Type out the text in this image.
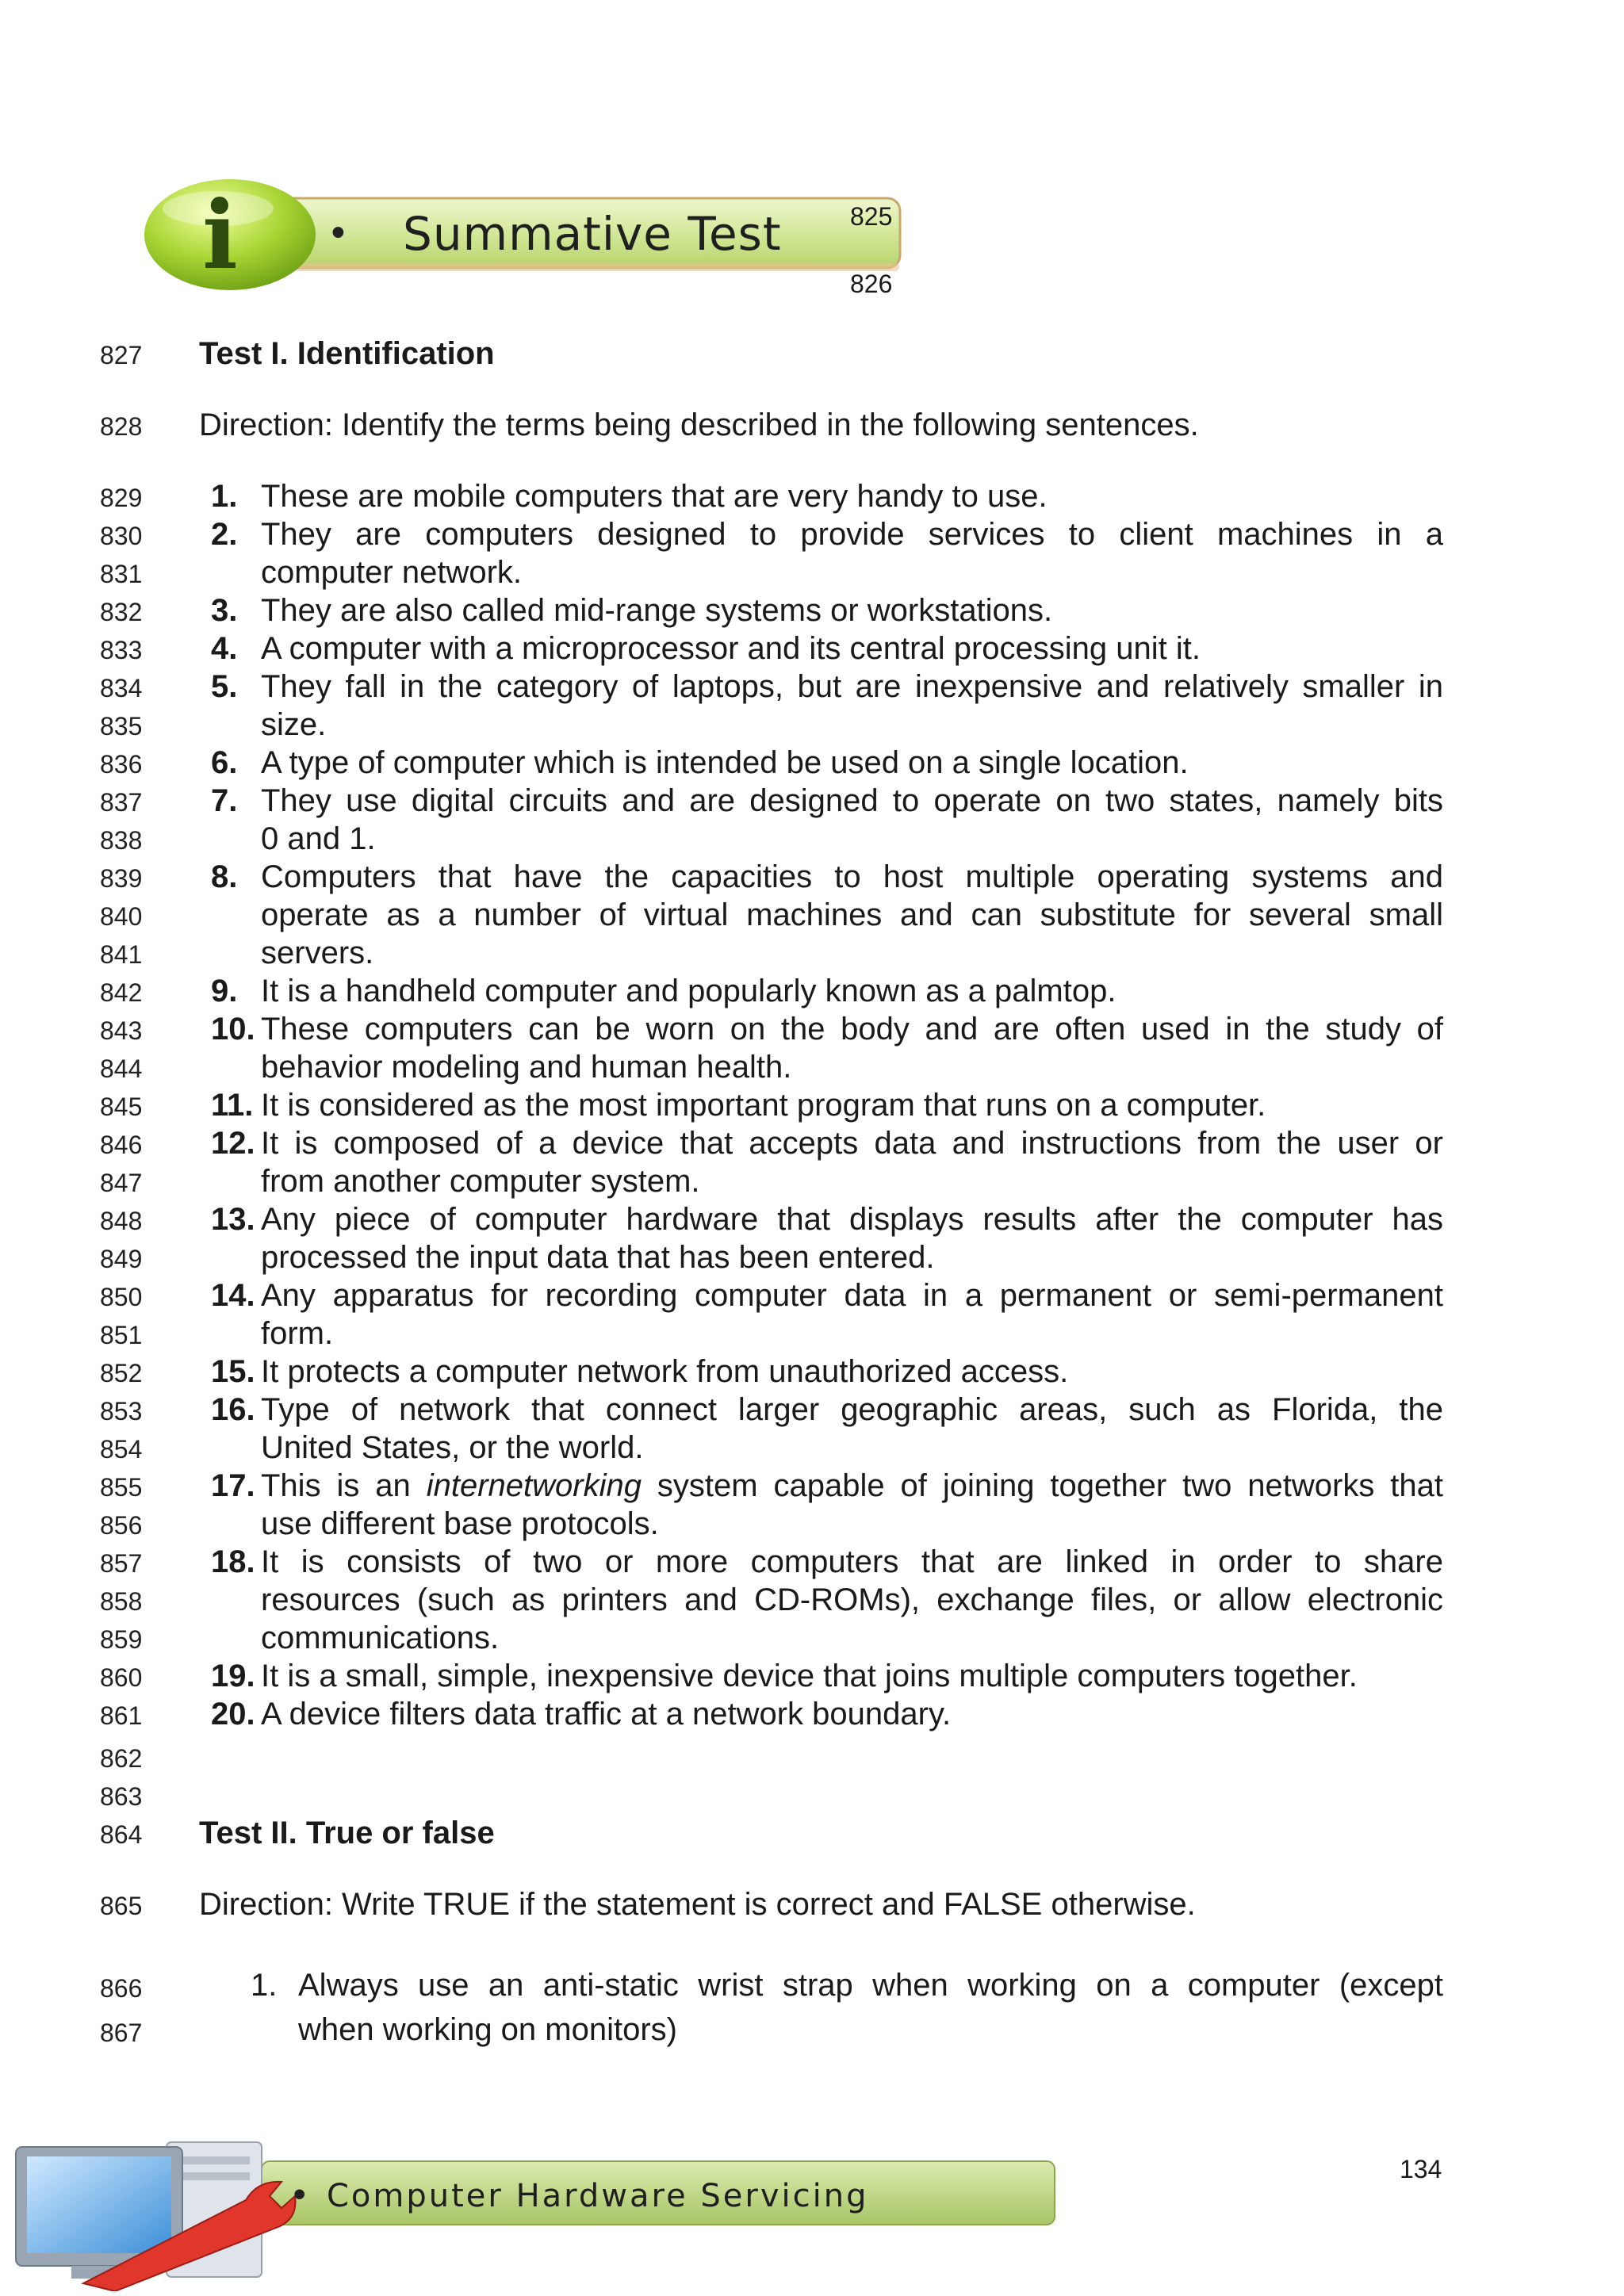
i • Summative Test	825
826
827 Test I. Identification
828 Direction: Identify the terms being described in the following sentences.
1.
829	These are mobile computers that are very handy to use.
2.
830	They are computers designed to provide services to client machines in a
831	computer network.
3.
832	They are also called mid-range systems or workstations.
4.
833	A computer with a microprocessor and its central processing unit it.
5.
834	They fall in the category of laptops, but are inexpensive and relatively smaller in
835	size.
6.
836	A type of computer which is intended be used on a single location.
7.
837	They use digital circuits and are designed to operate on two states, namely bits
838	0 and 1.
8.
839	Computers that have the capacities to host multiple operating systems and
840	operate as a number of virtual machines and can substitute for several small
841	servers.
9.
842	It is a handheld computer and popularly known as a palmtop.
10.
843	These computers can be worn on the body and are often used in the study of
844	behavior modeling and human health.
11.
845	It is considered as the most important program that runs on a computer.
12.
846	It is composed of a device that accepts data and instructions from the user or
847	from another computer system.
13.
848	Any piece of computer hardware that displays results after the computer has
849	processed the input data that has been entered.
14.
850	Any apparatus for recording computer data in a permanent or semi-permanent
851	form.
15.
852	It protects a computer network from unauthorized access.
16.
853	Type of network that connect larger geographic areas, such as Florida, the
854	United States, or the world.
17.
855	This is an internetworking system capable of joining together two networks that
856	use different base protocols.
18.
857	It is consists of two or more computers that are linked in order to share
858	resources (such as printers and CD-ROMs), exchange files, or allow electronic
859	communications.
19.
860	It is a small, simple, inexpensive device that joins multiple computers together.
20.
861	A device filters data traffic at a network boundary.
862
863
864 Test II. True or false
865 Direction: Write TRUE if the statement is correct and FALSE otherwise.
866	1. Always use an anti-static wrist strap when working on a computer (except
867	when working on monitors)
134
• Computer Hardware Servicing
